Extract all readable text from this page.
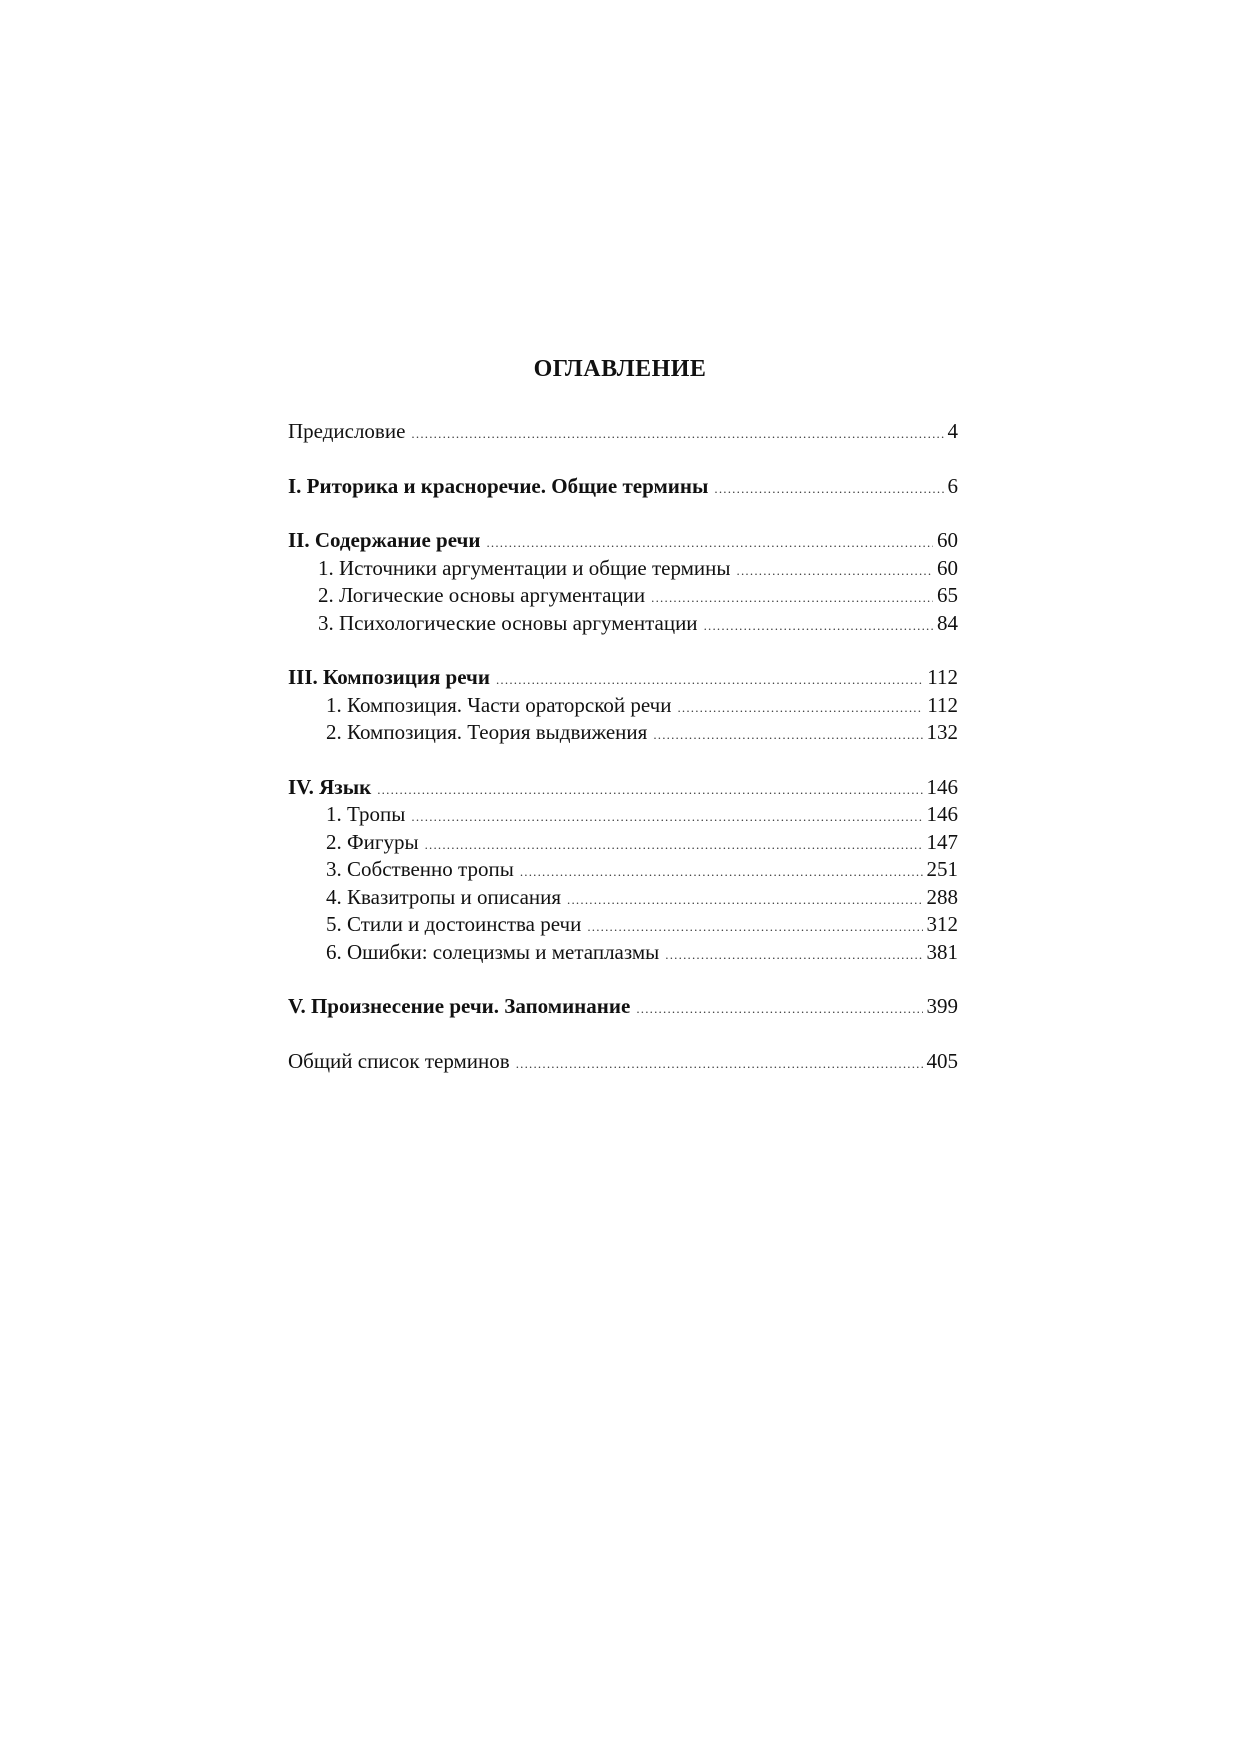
ОГЛАВЛЕНИЕ
Предисловие .....	4
I. Риторика и красноречие. Общие термины .....	6
II. Содержание речи .....	60
1. Источники аргументации и общие термины .....	60
2. Логические основы аргументации .....	65
3. Психологические основы аргументации .....	84
III. Композиция речи .....	112
1. Композиция. Части ораторской речи .....	112
2. Композиция. Теория выдвижения .....	132
IV. Язык .....	146
1. Тропы .....	146
2. Фигуры .....	147
3. Собственно тропы .....	251
4. Квазитропы и описания .....	288
5. Стили и достоинства речи .....	312
6. Ошибки: солецизмы и метаплазмы .....	381
V. Произнесение речи. Запоминание .....	399
Общий список терминов .....	405
